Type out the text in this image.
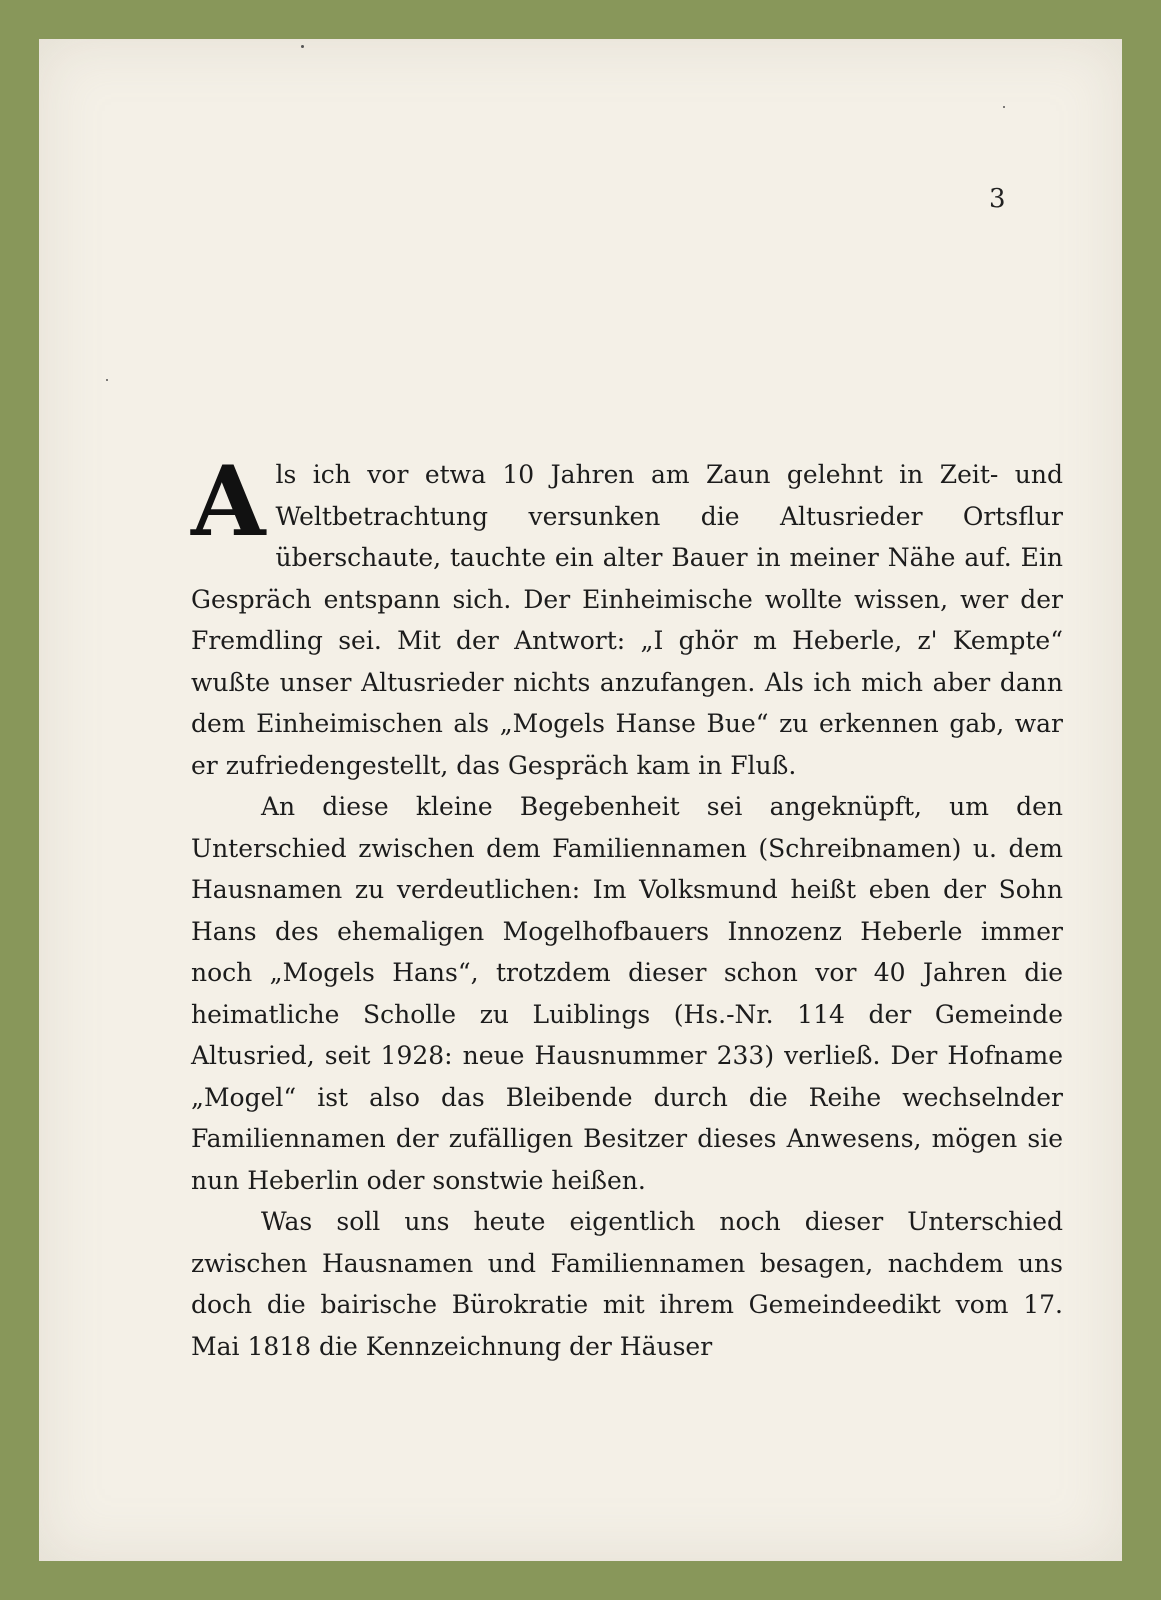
3

Als ich vor etwa 10 Jahren am Zaun gelehnt in Zeit- und Weltbetrachtung versunken die Altusrieder Ortsflur überschaute, tauchte ein alter Bauer in meiner Nähe auf. Ein Gespräch entspann sich. Der Einheimische wollte wissen, wer der Fremdling sei. Mit der Antwort: „I ghör m Heberle, z' Kempte“ wußte unser Altusrieder nichts anzufangen. Als ich mich aber dann dem Einheimischen als „Mogels Hanse Bue“ zu erkennen gab, war er zufriedengestellt, das Gespräch kam in Fluß.

An diese kleine Begebenheit sei angeknüpft, um den Unterschied zwischen dem Familiennamen (Schreibnamen) u. dem Hausnamen zu verdeutlichen: Im Volksmund heißt eben der Sohn Hans des ehemaligen Mogelhofbauers Innozenz Heberle immer noch „Mogels Hans“, trotzdem dieser schon vor 40 Jahren die heimatliche Scholle zu Luiblings (Hs.-Nr. 114 der Gemeinde Altusried, seit 1928: neue Hausnummer 233) verließ. Der Hofname „Mogel“ ist also das Bleibende durch die Reihe wechselnder Familiennamen der zufälligen Besitzer dieses Anwesens, mögen sie nun Heberlin oder sonstwie heißen.

Was soll uns heute eigentlich noch dieser Unterschied zwischen Hausnamen und Familiennamen besagen, nachdem uns doch die bairische Bürokratie mit ihrem Gemeindeedikt vom 17. Mai 1818 die Kennzeichnung der Häuser
